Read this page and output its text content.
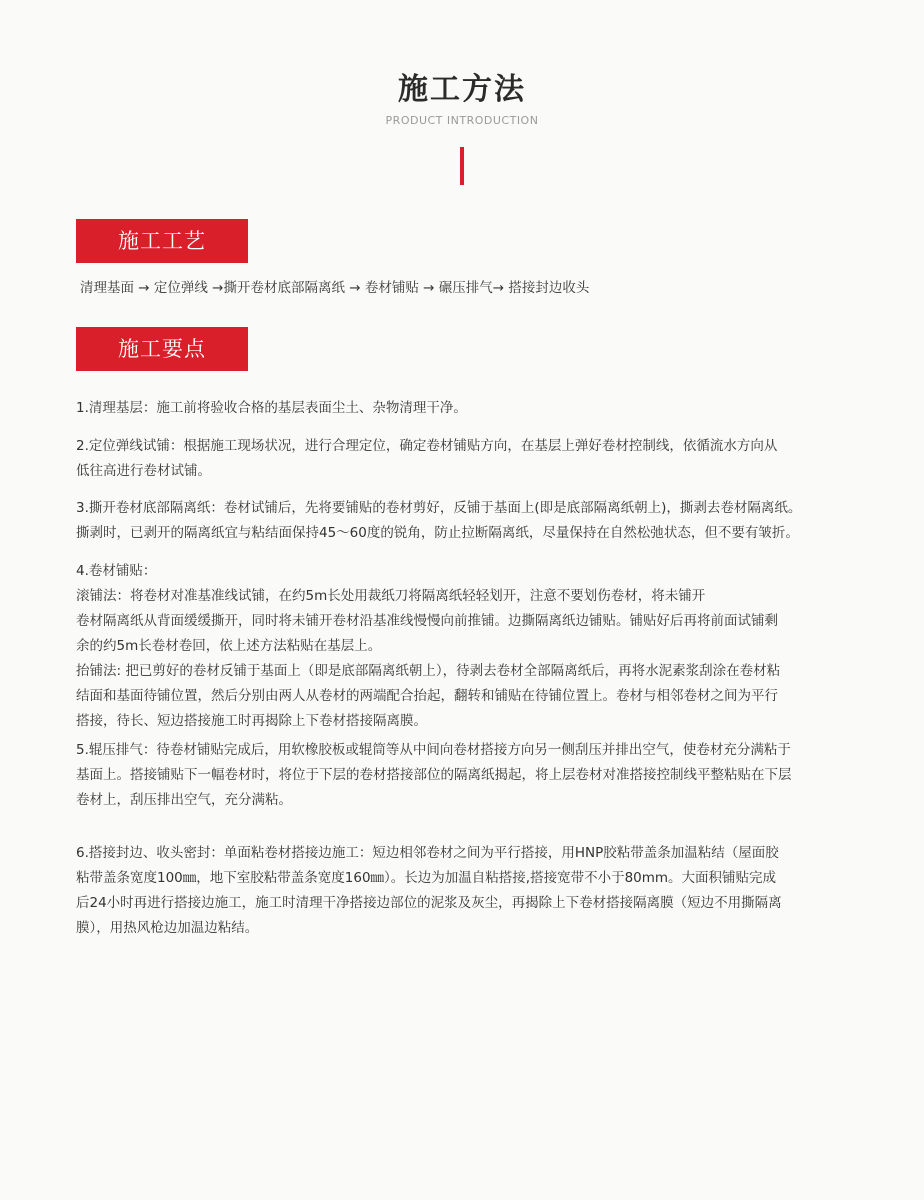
施工方法
PRODUCT INTRODUCTION
施工工艺
清理基面 → 定位弹线 →撕开卷材底部隔离纸 → 卷材铺贴 → 碾压排气→ 搭接封边收头
施工要点
1.清理基层：施工前将验收合格的基层表面尘土、杂物清理干净。
2.定位弹线试铺：根据施工现场状况，进行合理定位，确定卷材铺贴方向，在基层上弹好卷材控制线，依循流水方向从
低往高进行卷材试铺。
3.撕开卷材底部隔离纸：卷材试铺后，先将要铺贴的卷材剪好，反铺于基面上(即是底部隔离纸朝上)，撕剥去卷材隔离纸。
撕剥时，已剥开的隔离纸宜与粘结面保持45～60度的锐角，防止拉断隔离纸，尽量保持在自然松弛状态，但不要有皱折。
4.卷材铺贴：
滚铺法：将卷材对准基准线试铺，在约5m长处用裁纸刀将隔离纸轻轻划开，注意不要划伤卷材，将未铺开
卷材隔离纸从背面缓缓撕开，同时将未铺开卷材沿基准线慢慢向前推铺。边撕隔离纸边铺贴。铺贴好后再将前面试铺剩
余的约5m长卷材卷回，依上述方法粘贴在基层上。
抬铺法: 把已剪好的卷材反铺于基面上（即是底部隔离纸朝上），待剥去卷材全部隔离纸后，再将水泥素浆刮涂在卷材粘
结面和基面待铺位置，然后分别由两人从卷材的两端配合抬起，翻转和铺贴在待铺位置上。卷材与相邻卷材之间为平行
搭接，待长、短边搭接施工时再揭除上下卷材搭接隔离膜。
5.辊压排气：待卷材铺贴完成后，用软橡胶板或辊筒等从中间向卷材搭接方向另一侧刮压并排出空气，使卷材充分满粘于
基面上。搭接铺贴下一幅卷材时，将位于下层的卷材搭接部位的隔离纸揭起，将上层卷材对准搭接控制线平整粘贴在下层
卷材上，刮压排出空气，充分满粘。
6.搭接封边、收头密封：单面粘卷材搭接边施工：短边相邻卷材之间为平行搭接，用HNP胶粘带盖条加温粘结（屋面胶
粘带盖条宽度100㎜，地下室胶粘带盖条宽度160㎜）。长边为加温自粘搭接,搭接宽带不小于80mm。大面积铺贴完成
后24小时再进行搭接边施工，施工时清理干净搭接边部位的泥浆及灰尘，再揭除上下卷材搭接隔离膜（短边不用撕隔离
膜），用热风枪边加温边粘结。
